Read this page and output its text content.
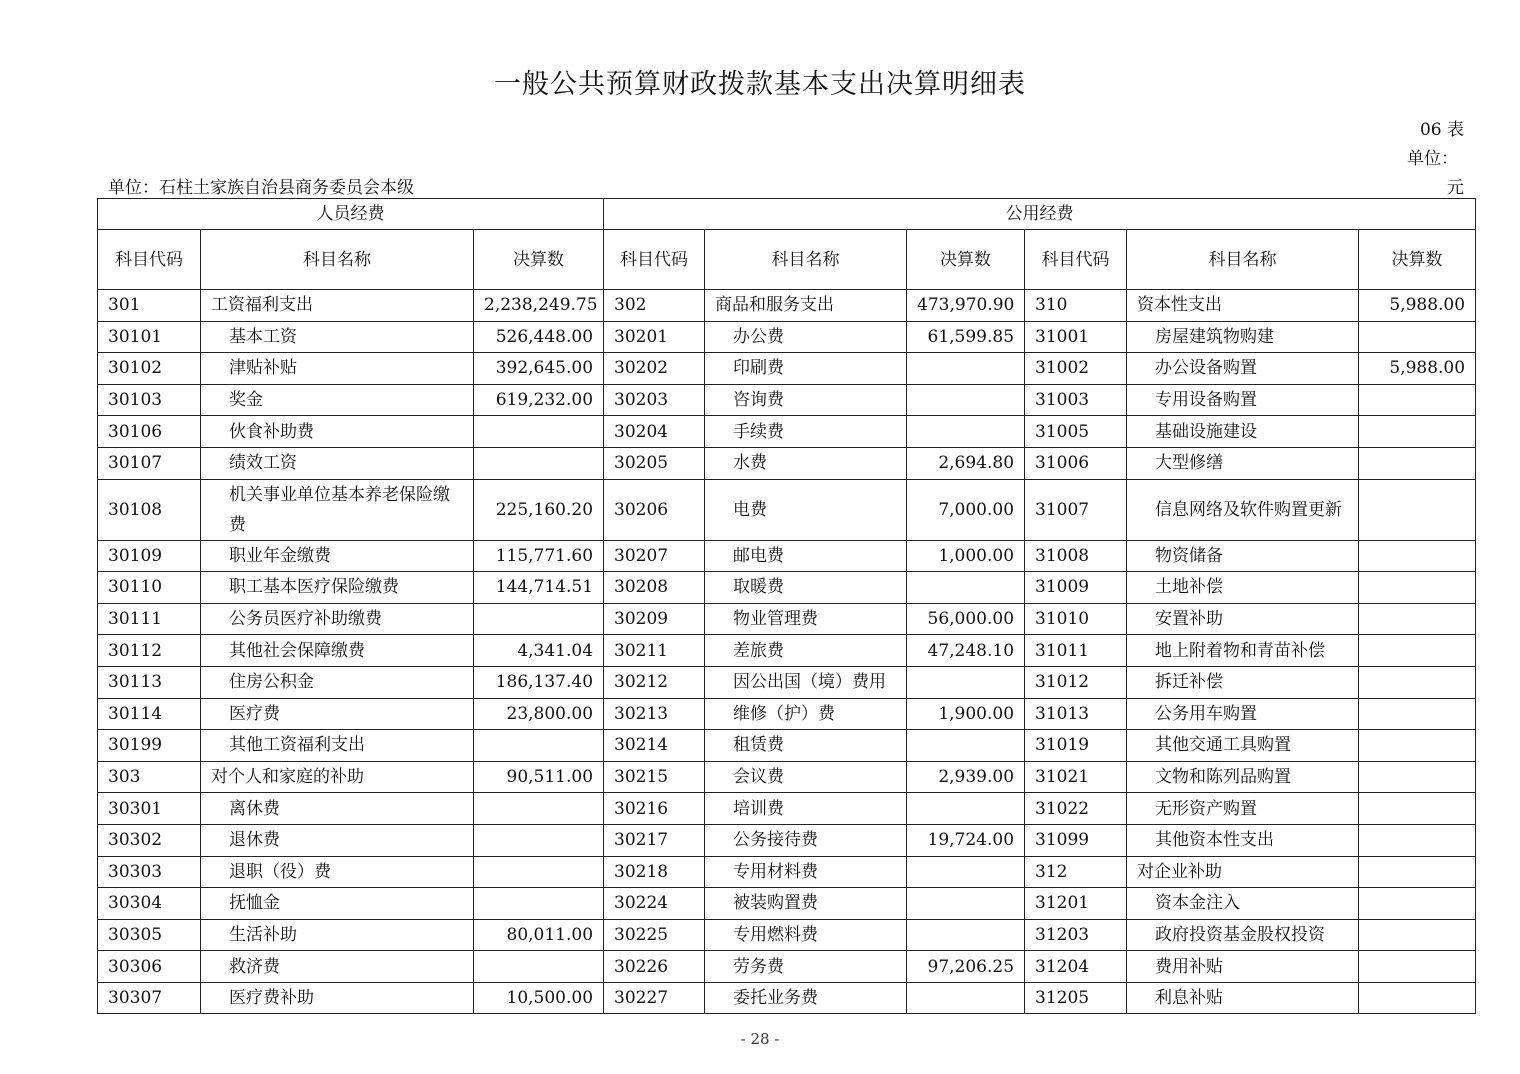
一般公共预算财政拨款基本支出决算明细表
06 表
单位：
单位：石柱土家族自治县商务委员会本级	元
人员经费			公用经费					
科目代码	科目名称	决算数	科目代码	科目名称	决算数	科目代码	科目名称	决算数
301	工资福利支出	2,238,249.75	302	商品和服务支出	473,970.90	310	资本性支出	5,988.00
30101	基本工资	526,448.00	30201	办公费	61,599.85	31001	房屋建筑物购建	
30102	津贴补贴	392,645.00	30202	印刷费		31002	办公设备购置	5,988.00
30103	奖金	619,232.00	30203	咨询费		31003	专用设备购置	
30106	伙食补助费		30204	手续费		31005	基础设施建设	
30107	绩效工资		30205	水费	2,694.80	31006	大型修缮	
30108	机关事业单位基本养老保险缴费	225,160.20	30206	电费	7,000.00	31007	信息网络及软件购置更新	
30109	职业年金缴费	115,771.60	30207	邮电费	1,000.00	31008	物资储备	
30110	职工基本医疗保险缴费	144,714.51	30208	取暖费		31009	土地补偿	
30111	公务员医疗补助缴费		30209	物业管理费	56,000.00	31010	安置补助	
30112	其他社会保障缴费	4,341.04	30211	差旅费	47,248.10	31011	地上附着物和青苗补偿	
30113	住房公积金	186,137.40	30212	因公出国（境）费用		31012	拆迁补偿	
30114	医疗费	23,800.00	30213	维修（护）费	1,900.00	31013	公务用车购置	
30199	其他工资福利支出		30214	租赁费		31019	其他交通工具购置	
303	对个人和家庭的补助	90,511.00	30215	会议费	2,939.00	31021	文物和陈列品购置	
30301	离休费		30216	培训费		31022	无形资产购置	
30302	退休费		30217	公务接待费	19,724.00	31099	其他资本性支出	
30303	退职（役）费		30218	专用材料费		312	对企业补助	
30304	抚恤金		30224	被装购置费		31201	资本金注入	
30305	生活补助	80,011.00	30225	专用燃料费		31203	政府投资基金股权投资	
30306	救济费		30226	劳务费	97,206.25	31204	费用补贴	
30307	医疗费补助	10,500.00	30227	委托业务费		31205	利息补贴	
- 28 -
